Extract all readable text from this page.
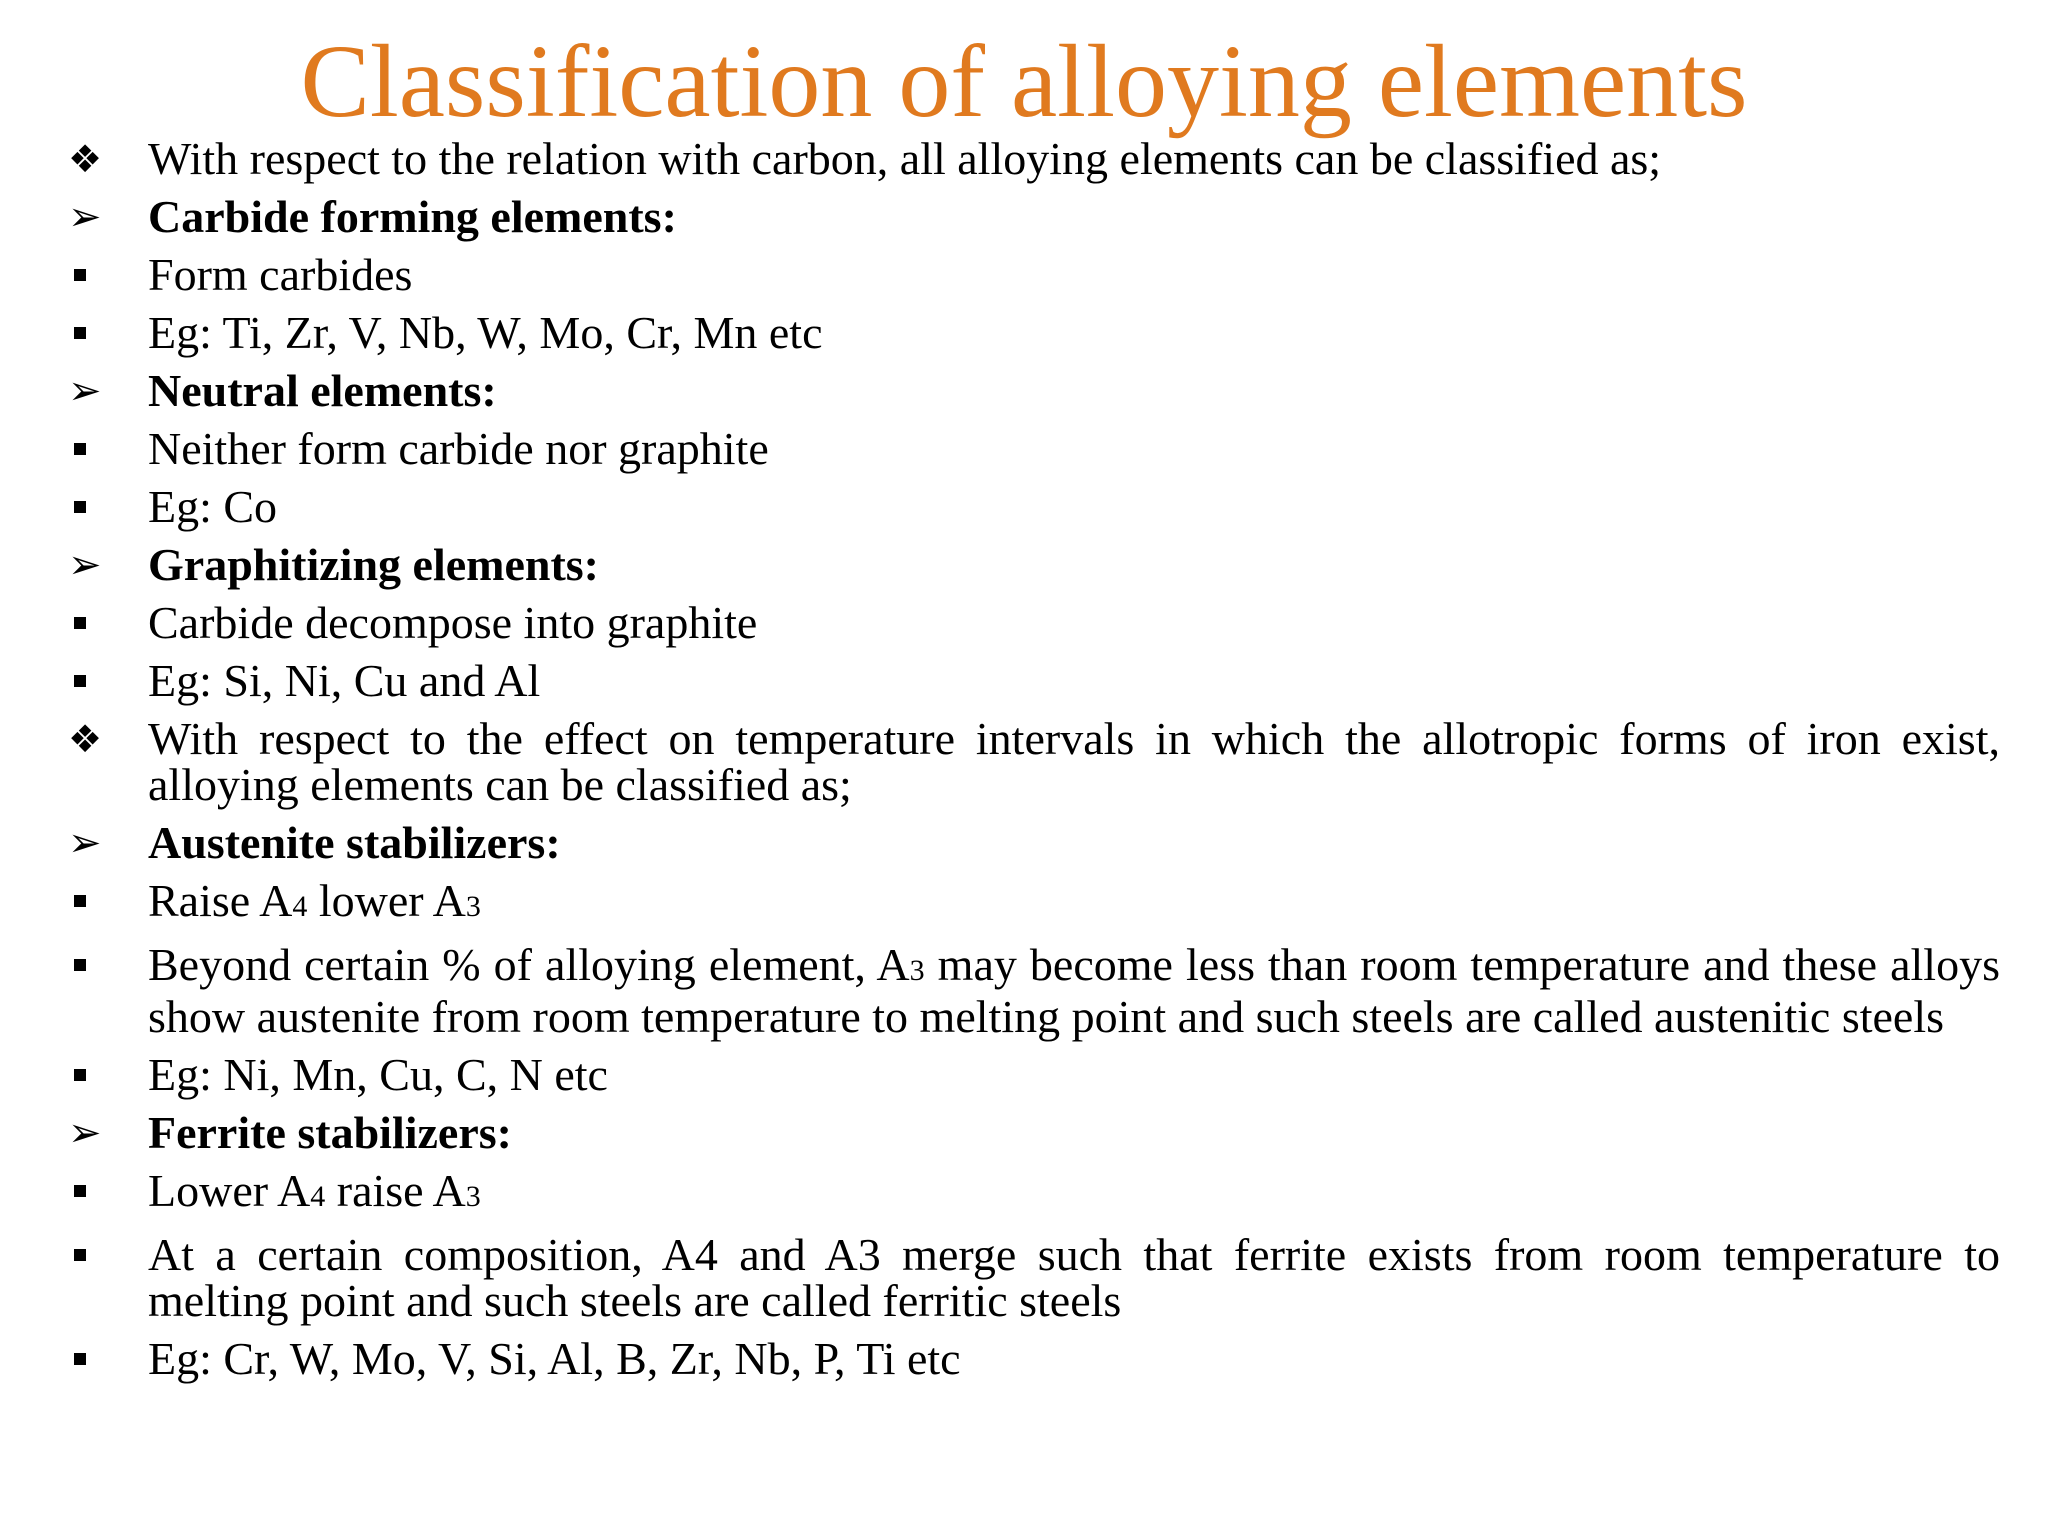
Classification of alloying elements
❖ With respect to the relation with carbon, all alloying elements can be classified as;
➢	Carbide forming elements:
Form carbides
Eg: Ti, Zr, V, Nb, W, Mo, Cr, Mn etc
➢	Neutral elements:
Neither form carbide nor graphite
Eg: Co
➢	Graphitizing elements:
Carbide decompose into graphite
Eg: Si, Ni, Cu and Al
❖ With respect to the effect on temperature intervals in which the allotropic forms of iron exist, alloying elements can be classified as;
➢	Austenite stabilizers:
Raise A4 lower A3
Beyond certain % of alloying element, A3 may become less than room temperature and these alloys show austenite from room temperature to melting point and such steels are called austenitic steels
Eg: Ni, Mn, Cu, C, N etc
➢	Ferrite stabilizers:
Lower A4 raise A3
At a certain composition, A4 and A3 merge such that ferrite exists from room temperature to melting point and such steels are called ferritic steels
Eg: Cr, W, Mo, V, Si, Al, B, Zr, Nb, P, Ti etc
